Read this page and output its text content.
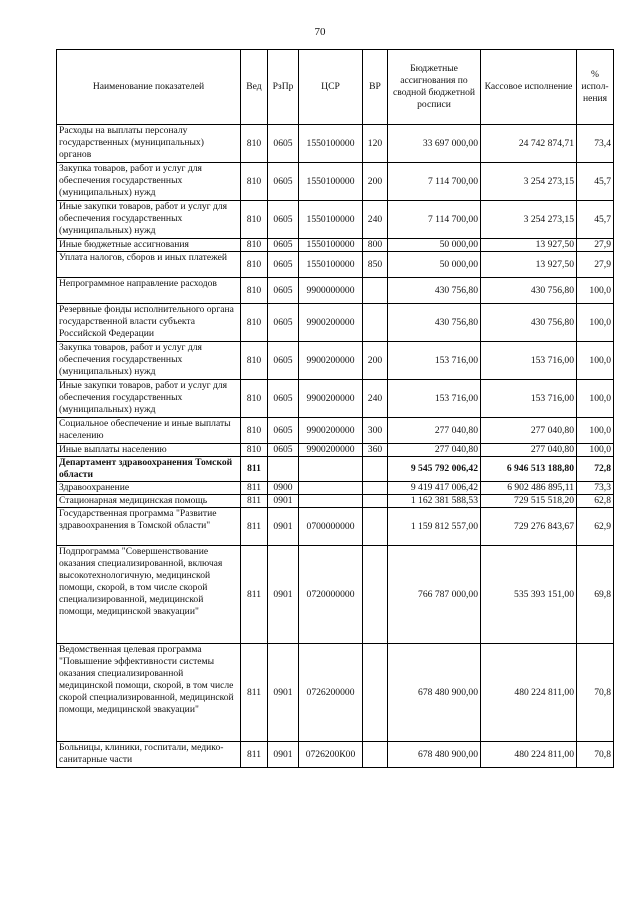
70
Наименование показателей	Вед	РзПр	ЦСР	ВР	Бюджетные ассигнования по сводной бюджетной росписи	Кассовое исполнение	% испол-нения
Расходы на выплаты персоналу государственных (муниципальных) органов	810	0605	1550100000	120	33 697 000,00	24 742 874,71	73,4
Закупка товаров, работ и услуг для обеспечения государственных (муниципальных) нужд	810	0605	1550100000	200	7 114 700,00	3 254 273,15	45,7
Иные закупки товаров, работ и услуг для обеспечения государственных (муниципальных) нужд	810	0605	1550100000	240	7 114 700,00	3 254 273,15	45,7
Иные бюджетные ассигнования	810	0605	1550100000	800	50 000,00	13 927,50	27,9
Уплата налогов, сборов и иных платежей	810	0605	1550100000	850	50 000,00	13 927,50	27,9
Непрограммное направление расходов	810	0605	9900000000		430 756,80	430 756,80	100,0
Резервные фонды исполнительного органа государственной власти субъекта Российской Федерации	810	0605	9900200000		430 756,80	430 756,80	100,0
Закупка товаров, работ и услуг для обеспечения государственных (муниципальных) нужд	810	0605	9900200000	200	153 716,00	153 716,00	100,0
Иные закупки товаров, работ и услуг для обеспечения государственных (муниципальных) нужд	810	0605	9900200000	240	153 716,00	153 716,00	100,0
Социальное обеспечение и иные выплаты населению	810	0605	9900200000	300	277 040,80	277 040,80	100,0
Иные выплаты населению	810	0605	9900200000	360	277 040,80	277 040,80	100,0
Департамент здравоохранения Томской области	811				9 545 792 006,42	6 946 513 188,80	72,8
Здравоохранение	811	0900			9 419 417 006,42	6 902 486 895,11	73,3
Стационарная медицинская помощь	811	0901			1 162 381 588,53	729 515 518,20	62,8
Государственная программа "Развитие здравоохранения в Томской области"	811	0901	0700000000		1 159 812 557,00	729 276 843,67	62,9
Подпрограмма "Совершенствование оказания специализированной, включая высокотехнологичную, медицинской помощи, скорой, в том числе скорой специализированной, медицинской помощи, медицинской эвакуации"	811	0901	0720000000		766 787 000,00	535 393 151,00	69,8
Ведомственная целевая программа "Повышение эффективности системы оказания специализированной медицинской помощи, скорой, в том числе скорой специализированной, медицинской помощи, медицинской эвакуации"	811	0901	0726200000		678 480 900,00	480 224 811,00	70,8
Больницы, клиники, госпитали, медико-санитарные части	811	0901	0726200К00		678 480 900,00	480 224 811,00	70,8
